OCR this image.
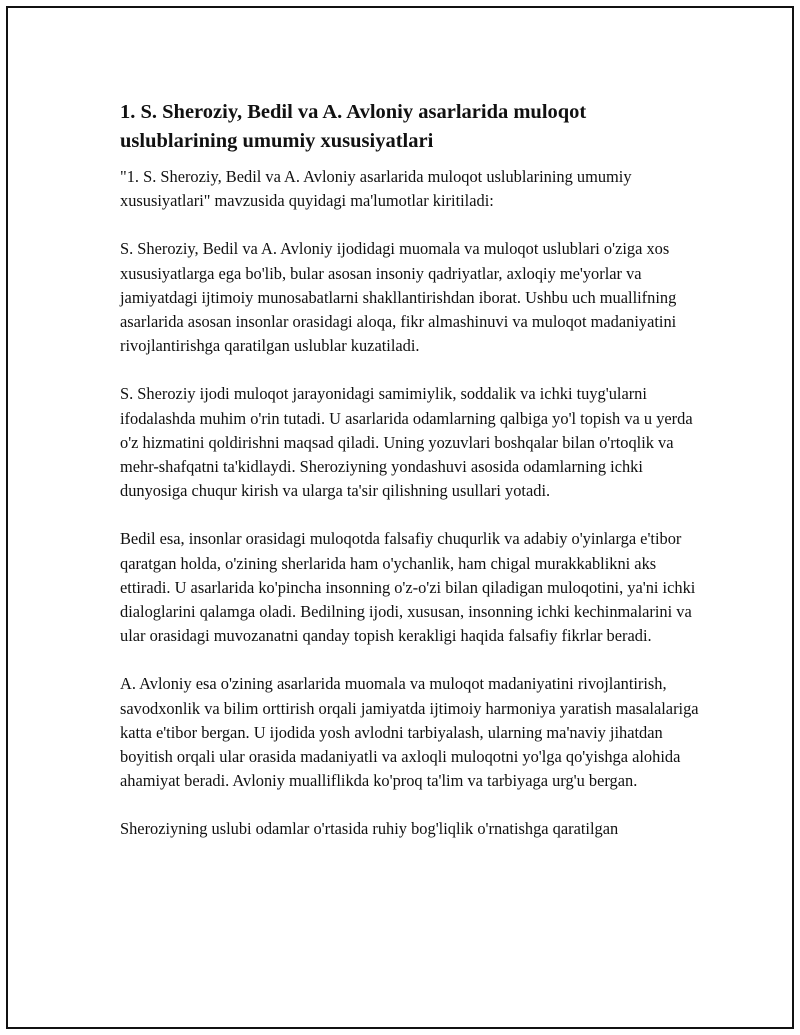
1. S. Sheroziy, Bedil va A. Avloniy asarlarida muloqot uslublarining umumiy xususiyatlari

"1. S. Sheroziy, Bedil va A. Avloniy asarlarida muloqot uslublarining umumiy xususiyatlari" mavzusida quyidagi ma'lumotlar kiritiladi:

S. Sheroziy, Bedil va A. Avloniy ijodidagi muomala va muloqot uslublari o'ziga xos xususiyatlarga ega bo'lib, bular asosan insoniy qadriyatlar, axloqiy me'yorlar va jamiyatdagi ijtimoiy munosabatlarni shakllantirishdan iborat. Ushbu uch muallifning asarlarida asosan insonlar orasidagi aloqa, fikr almashinuvi va muloqot madaniyatini rivojlantirishga qaratilgan uslublar kuzatiladi.

S. Sheroziy ijodi muloqot jarayonidagi samimiylik, soddalik va ichki tuyg'ularni ifodalashda muhim o'rin tutadi. U asarlarida odamlarning qalbiga yo'l topish va u yerda o'z hizmatini qoldirishni maqsad qiladi. Uning yozuvlari boshqalar bilan o'rtoqlik va mehr-shafqatni ta'kidlaydi. Sheroziyning yondashuvi asosida odamlarning ichki dunyosiga chuqur kirish va ularga ta'sir qilishning usullari yotadi.

Bedil esa, insonlar orasidagi muloqotda falsafiy chuqurlik va adabiy o'yinlarga e'tibor qaratgan holda, o'zining sherlarida ham o'ychanlik, ham chigal murakkablikni aks ettiradi. U asarlarida ko'pincha insonning o'z-o'zi bilan qiladigan muloqotini, ya'ni ichki dialoglarini qalamga oladi. Bedilning ijodi, xususan, insonning ichki kechinmalarini va ular orasidagi muvozanatni qanday topish kerakligi haqida falsafiy fikrlar beradi.

A. Avloniy esa o'zining asarlarida muomala va muloqot madaniyatini rivojlantirish, savodxonlik va bilim orttirish orqali jamiyatda ijtimoiy harmoniya yaratish masalalariga katta e'tibor bergan. U ijodida yosh avlodni tarbiyalash, ularning ma'naviy jihatdan boyitish orqali ular orasida madaniyatli va axloqli muloqotni yo'lga qo'yishga alohida ahamiyat beradi. Avloniy mualliflikda ko'proq ta'lim va tarbiyaga urg'u bergan.

Sheroziyning uslubi odamlar o'rtasida ruhiy bog'liqlik o'rnatishga qaratilgan
